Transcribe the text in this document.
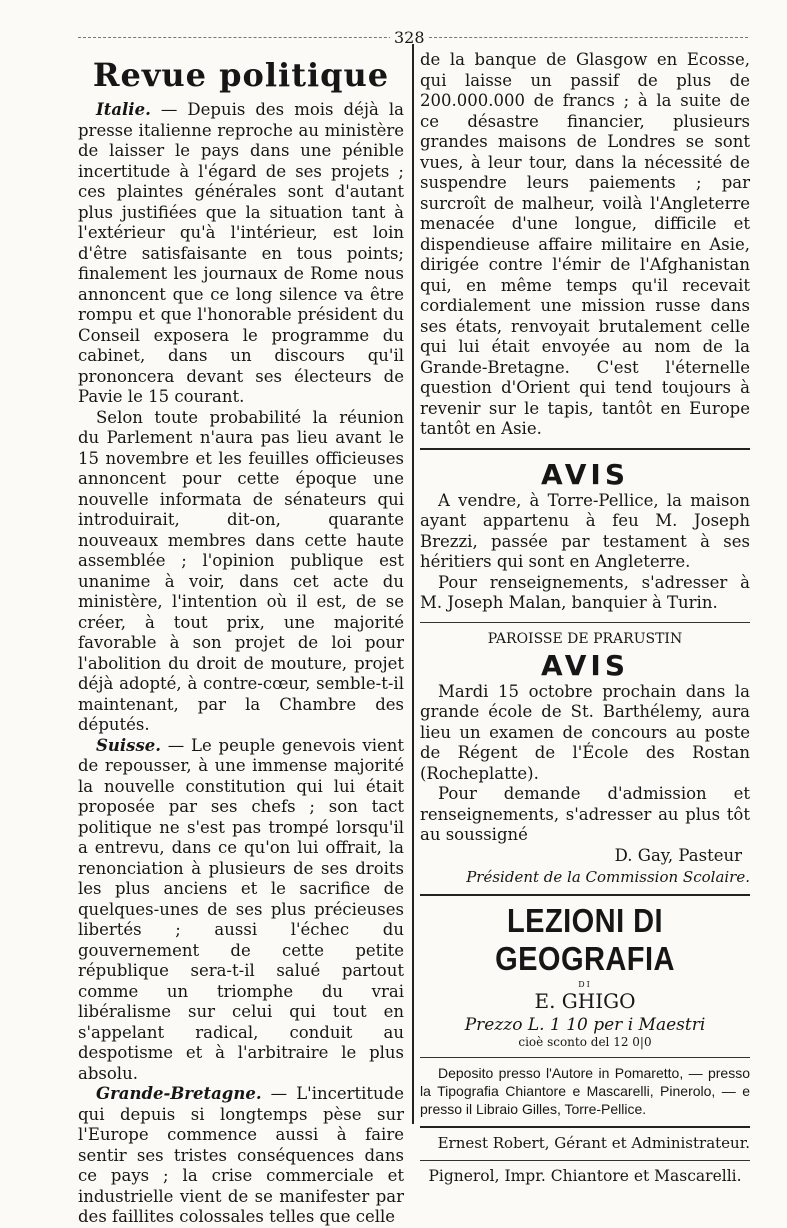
328
Revue politique

Italie. — Depuis des mois déjà la presse italienne reproche au ministère de laisser le pays dans une pénible incertitude à l'égard de ses projets ; ces plaintes générales sont d'autant plus justifiées que la situation tant à l'extérieur qu'à l'intérieur, est loin d'être satisfaisante en tous points; finalement les journaux de Rome nous annoncent que ce long silence va être rompu et que l'honorable président du Conseil exposera le programme du cabinet, dans un discours qu'il prononcera devant ses électeurs de Pavie le 15 courant.

Selon toute probabilité la réunion du Parlement n'aura pas lieu avant le 15 novembre et les feuilles officieuses annoncent pour cette époque une nouvelle informata de sénateurs qui introduirait, dit-on, quarante nouveaux membres dans cette haute assemblée ; l'opinion publique est unanime à voir, dans cet acte du ministère, l'intention où il est, de se créer, à tout prix, une majorité favorable à son projet de loi pour l'abolition du droit de mouture, projet déjà adopté, à contre-cœur, semble-t-il maintenant, par la Chambre des députés.

Suisse. — Le peuple genevois vient de repousser, à une immense majorité la nouvelle constitution qui lui était proposée par ses chefs ; son tact politique ne s'est pas trompé lorsqu'il a entrevu, dans ce qu'on lui offrait, la renonciation à plusieurs de ses droits les plus anciens et le sacrifice de quelques-unes de ses plus précieuses libertés ; aussi l'échec du gouvernement de cette petite république sera-t-il salué partout comme un triomphe du vrai libéralisme sur celui qui tout en s'appelant radical, conduit au despotisme et à l'arbitraire le plus absolu.

Grande-Bretagne. — L'incertitude qui depuis si longtemps pèse sur l'Europe commence aussi à faire sentir ses tristes conséquences dans ce pays ; la crise commerciale et industrielle vient de se manifester par des faillites colossales telles que celle

de la banque de Glasgow en Ecosse, qui laisse un passif de plus de 200.000.000 de francs ; à la suite de ce désastre financier, plusieurs grandes maisons de Londres se sont vues, à leur tour, dans la nécessité de suspendre leurs paiements ; par surcroît de malheur, voilà l'Angleterre menacée d'une longue, difficile et dispendieuse affaire militaire en Asie, dirigée contre l'émir de l'Afghanistan qui, en même temps qu'il recevait cordialement une mission russe dans ses états, renvoyait brutalement celle qui lui était envoyée au nom de la Grande-Bretagne. C'est l'éternelle question d'Orient qui tend toujours à revenir sur le tapis, tantôt en Europe tantôt en Asie.

AVIS

A vendre, à Torre-Pellice, la maison ayant appartenu à feu M. Joseph Brezzi, passée par testament à ses héritiers qui sont en Angleterre.

Pour renseignements, s'adresser à M. Joseph Malan, banquier à Turin.

PAROISSE DE PRARUSTIN
AVIS

Mardi 15 octobre prochain dans la grande école de St. Barthélemy, aura lieu un examen de concours au poste de Régent de l'École des Rostan (Rocheplatte).

Pour demande d'admission et renseignements, s'adresser au plus tôt au soussigné

D. Gay, Pasteur
Président de la Commission Scolaire.
LEZIONI DI GEOGRAFIA
DI
E. GHIGO
Prezzo L. 1 10 per i Maestri
cioè sconto del 12 0|0

Deposito presso l'Autore in Pomaretto, — presso la Tipografia Chiantore e Mascarelli, Pinerolo, — e presso il Libraio Gilles, Torre-Pellice.

Ernest Robert, Gérant et Administrateur.
Pignerol, Impr. Chiantore et Mascarelli.
